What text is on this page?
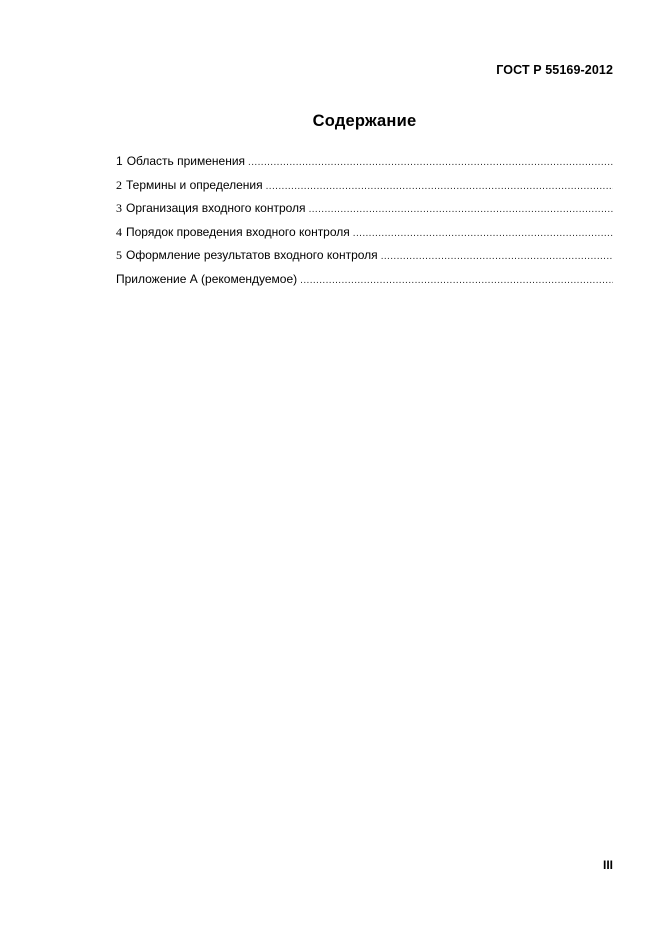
ГОСТ Р 55169-2012
Содержание
1 Область применения
.....
2 Термины и определения
.....
3 Организация входного контроля
.....
4 Порядок проведения входного контроля
.....
5 Оформление результатов входного контроля
.....
Приложение А (рекомендуемое)
.....
III
